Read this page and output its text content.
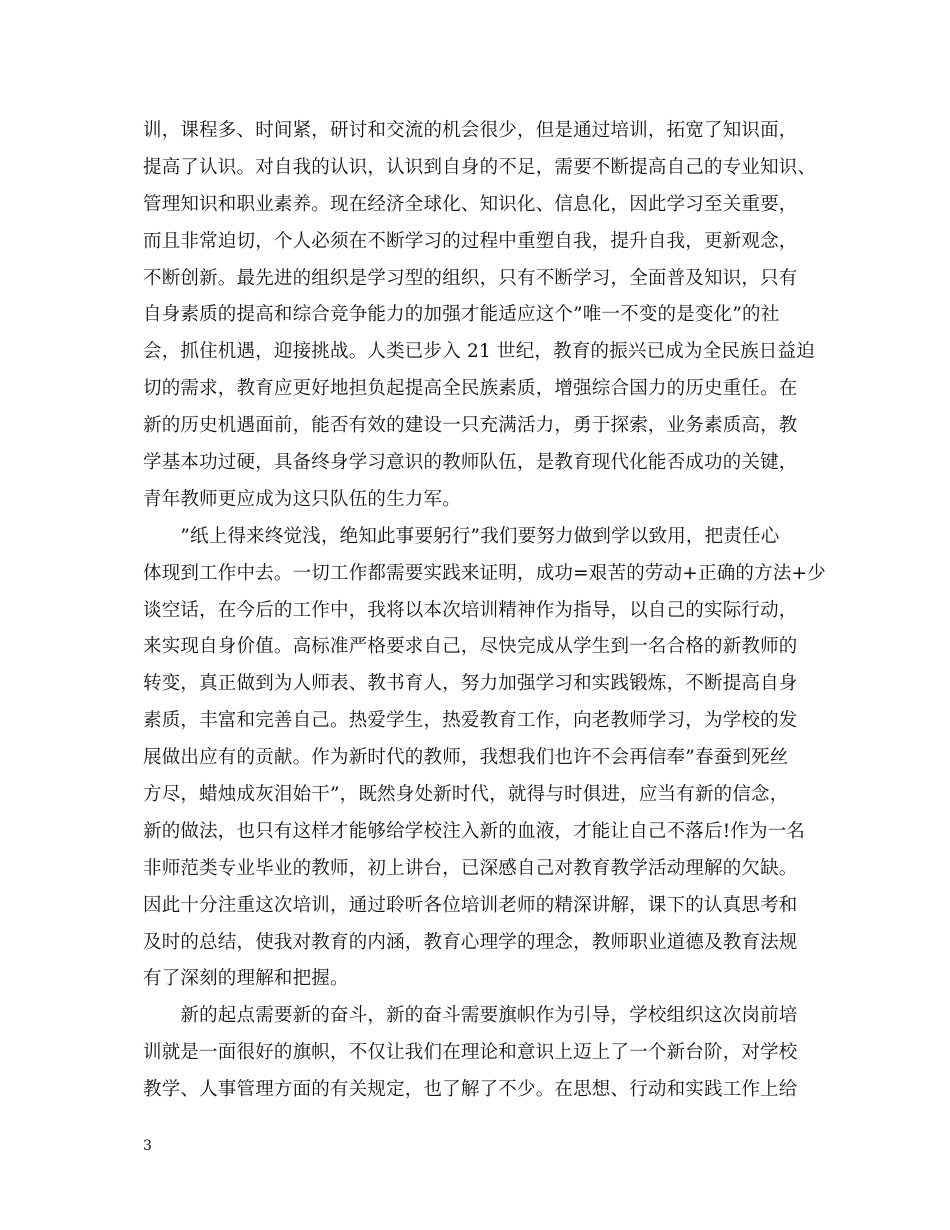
训，课程多、时间紧，研讨和交流的机会很少，但是通过培训，拓宽了知识面，
提高了认识。对自我的认识，认识到自身的不足，需要不断提高自己的专业知识、
管理知识和职业素养。现在经济全球化、知识化、信息化，因此学习至关重要，
而且非常迫切，个人必须在不断学习的过程中重塑自我，提升自我，更新观念，
不断创新。最先进的组织是学习型的组织，只有不断学习，全面普及知识，只有
自身素质的提高和综合竞争能力的加强才能适应这个”唯一不变的是变化”的社
会，抓住机遇，迎接挑战。人类已步入 21 世纪，教育的振兴已成为全民族日益迫
切的需求，教育应更好地担负起提高全民族素质，增强综合国力的历史重任。在
新的历史机遇面前，能否有效的建设一只充满活力，勇于探索，业务素质高，教
学基本功过硬，具备终身学习意识的教师队伍，是教育现代化能否成功的关键，
青年教师更应成为这只队伍的生力军。
　　”纸上得来终觉浅，绝知此事要躬行”我们要努力做到学以致用，把责任心
体现到工作中去。一切工作都需要实践来证明，成功=艰苦的劳动+正确的方法+少
谈空话，在今后的工作中，我将以本次培训精神作为指导，以自己的实际行动，
来实现自身价值。高标准严格要求自己，尽快完成从学生到一名合格的新教师的
转变，真正做到为人师表、教书育人，努力加强学习和实践锻炼，不断提高自身
素质，丰富和完善自己。热爱学生，热爱教育工作，向老教师学习，为学校的发
展做出应有的贡献。作为新时代的教师，我想我们也许不会再信奉”春蚕到死丝
方尽，蜡烛成灰泪始干”，既然身处新时代，就得与时俱进，应当有新的信念，
新的做法，也只有这样才能够给学校注入新的血液，才能让自己不落后!作为一名
非师范类专业毕业的教师，初上讲台，已深感自己对教育教学活动理解的欠缺。
因此十分注重这次培训，通过聆听各位培训老师的精深讲解，课下的认真思考和
及时的总结，使我对教育的内涵，教育心理学的理念，教师职业道德及教育法规
有了深刻的理解和把握。
　　新的起点需要新的奋斗，新的奋斗需要旗帜作为引导，学校组织这次岗前培
训就是一面很好的旗帜，不仅让我们在理论和意识上迈上了一个新台阶，对学校
教学、人事管理方面的有关规定，也了解了不少。在思想、行动和实践工作上给
3
